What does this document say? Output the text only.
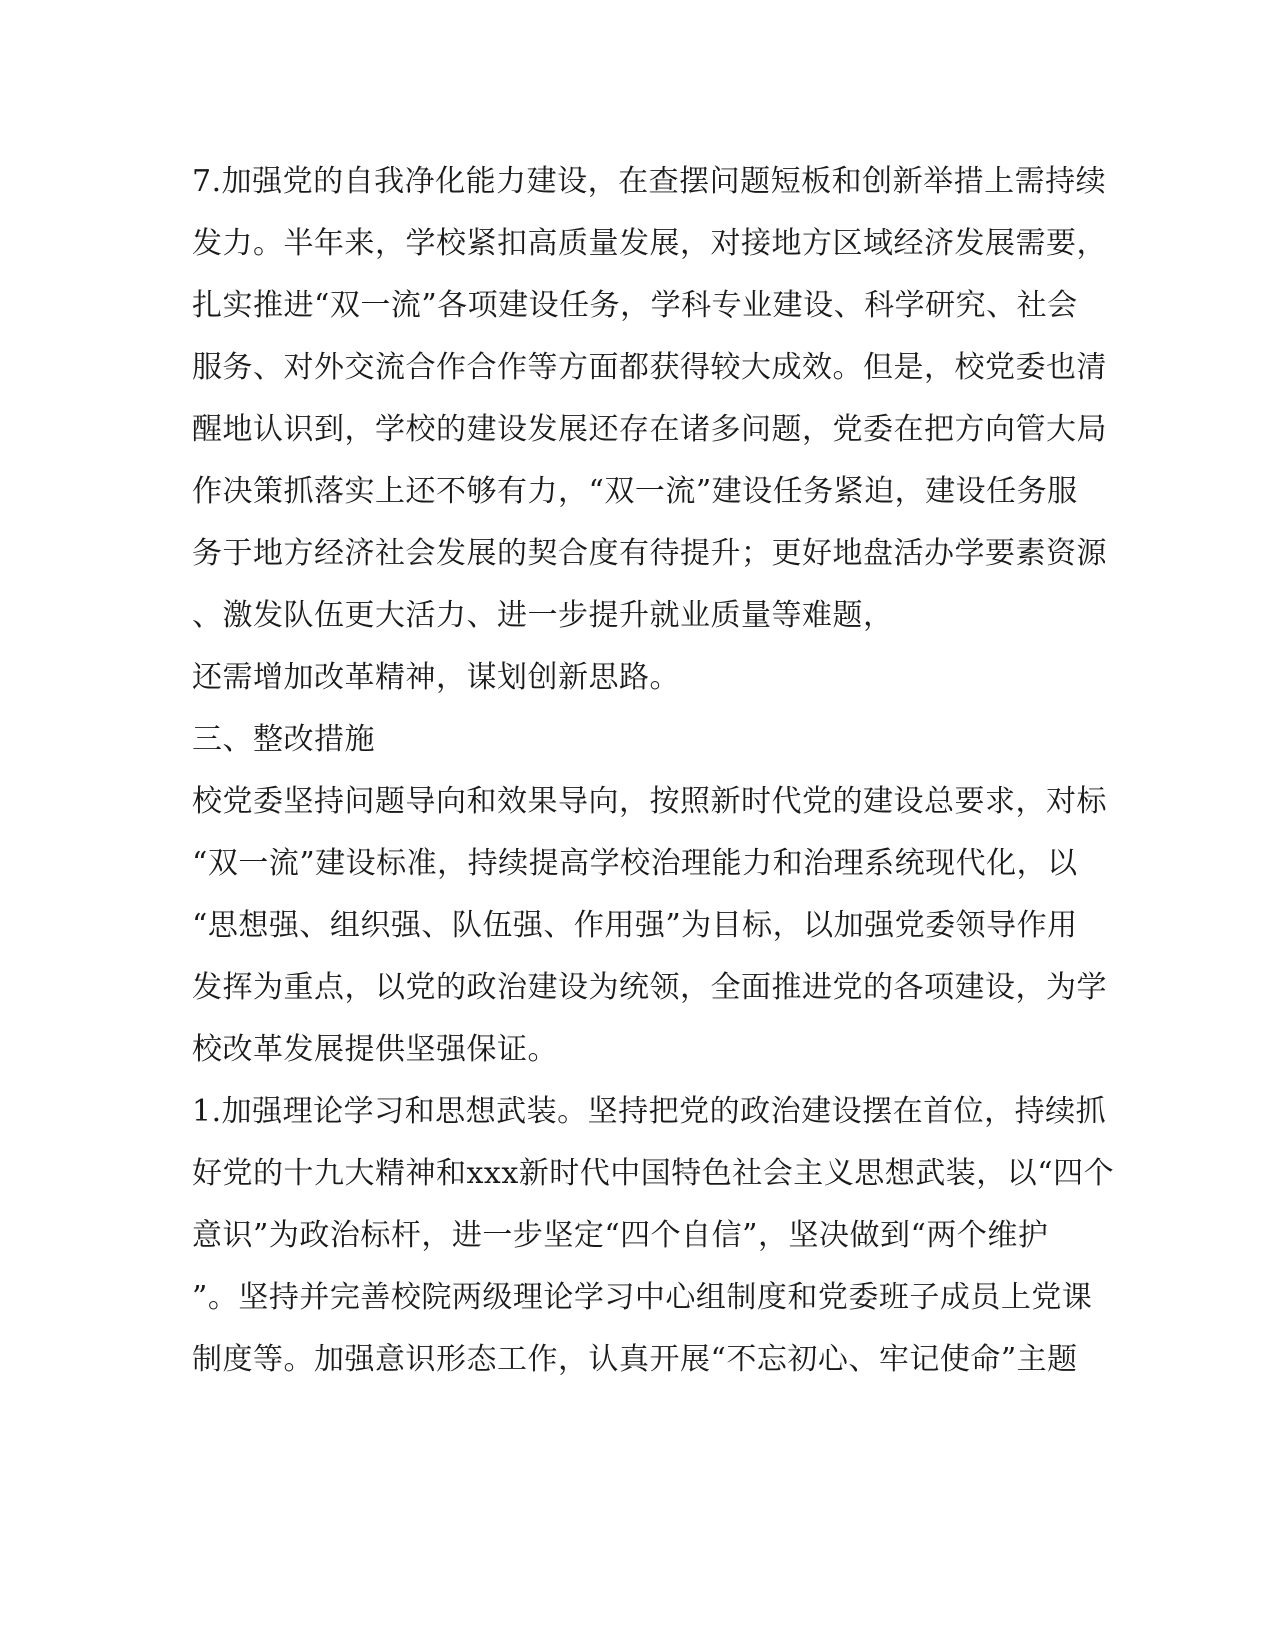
7.加强党的自我净化能力建设，在查摆问题短板和创新举措上需持续
发力。半年来，学校紧扣高质量发展，对接地方区域经济发展需要，
扎实推进“双一流”各项建设任务，学科专业建设、科学研究、社会
服务、对外交流合作合作等方面都获得较大成效。但是，校党委也清
醒地认识到，学校的建设发展还存在诸多问题，党委在把方向管大局
作决策抓落实上还不够有力，“双一流”建设任务紧迫，建设任务服
务于地方经济社会发展的契合度有待提升；更好地盘活办学要素资源
、激发队伍更大活力、进一步提升就业质量等难题，
还需增加改革精神，谋划创新思路。
三、整改措施
校党委坚持问题导向和效果导向，按照新时代党的建设总要求，对标
“双一流”建设标准，持续提高学校治理能力和治理系统现代化，以
“思想强、组织强、队伍强、作用强”为目标，以加强党委领导作用
发挥为重点，以党的政治建设为统领，全面推进党的各项建设，为学
校改革发展提供坚强保证。
1.加强理论学习和思想武装。坚持把党的政治建设摆在首位，持续抓
好党的十九大精神和xxx新时代中国特色社会主义思想武装，以“四个
意识”为政治标杆，进一步坚定“四个自信”，坚决做到“两个维护
”。坚持并完善校院两级理论学习中心组制度和党委班子成员上党课
制度等。加强意识形态工作，认真开展“不忘初心、牢记使命”主题
